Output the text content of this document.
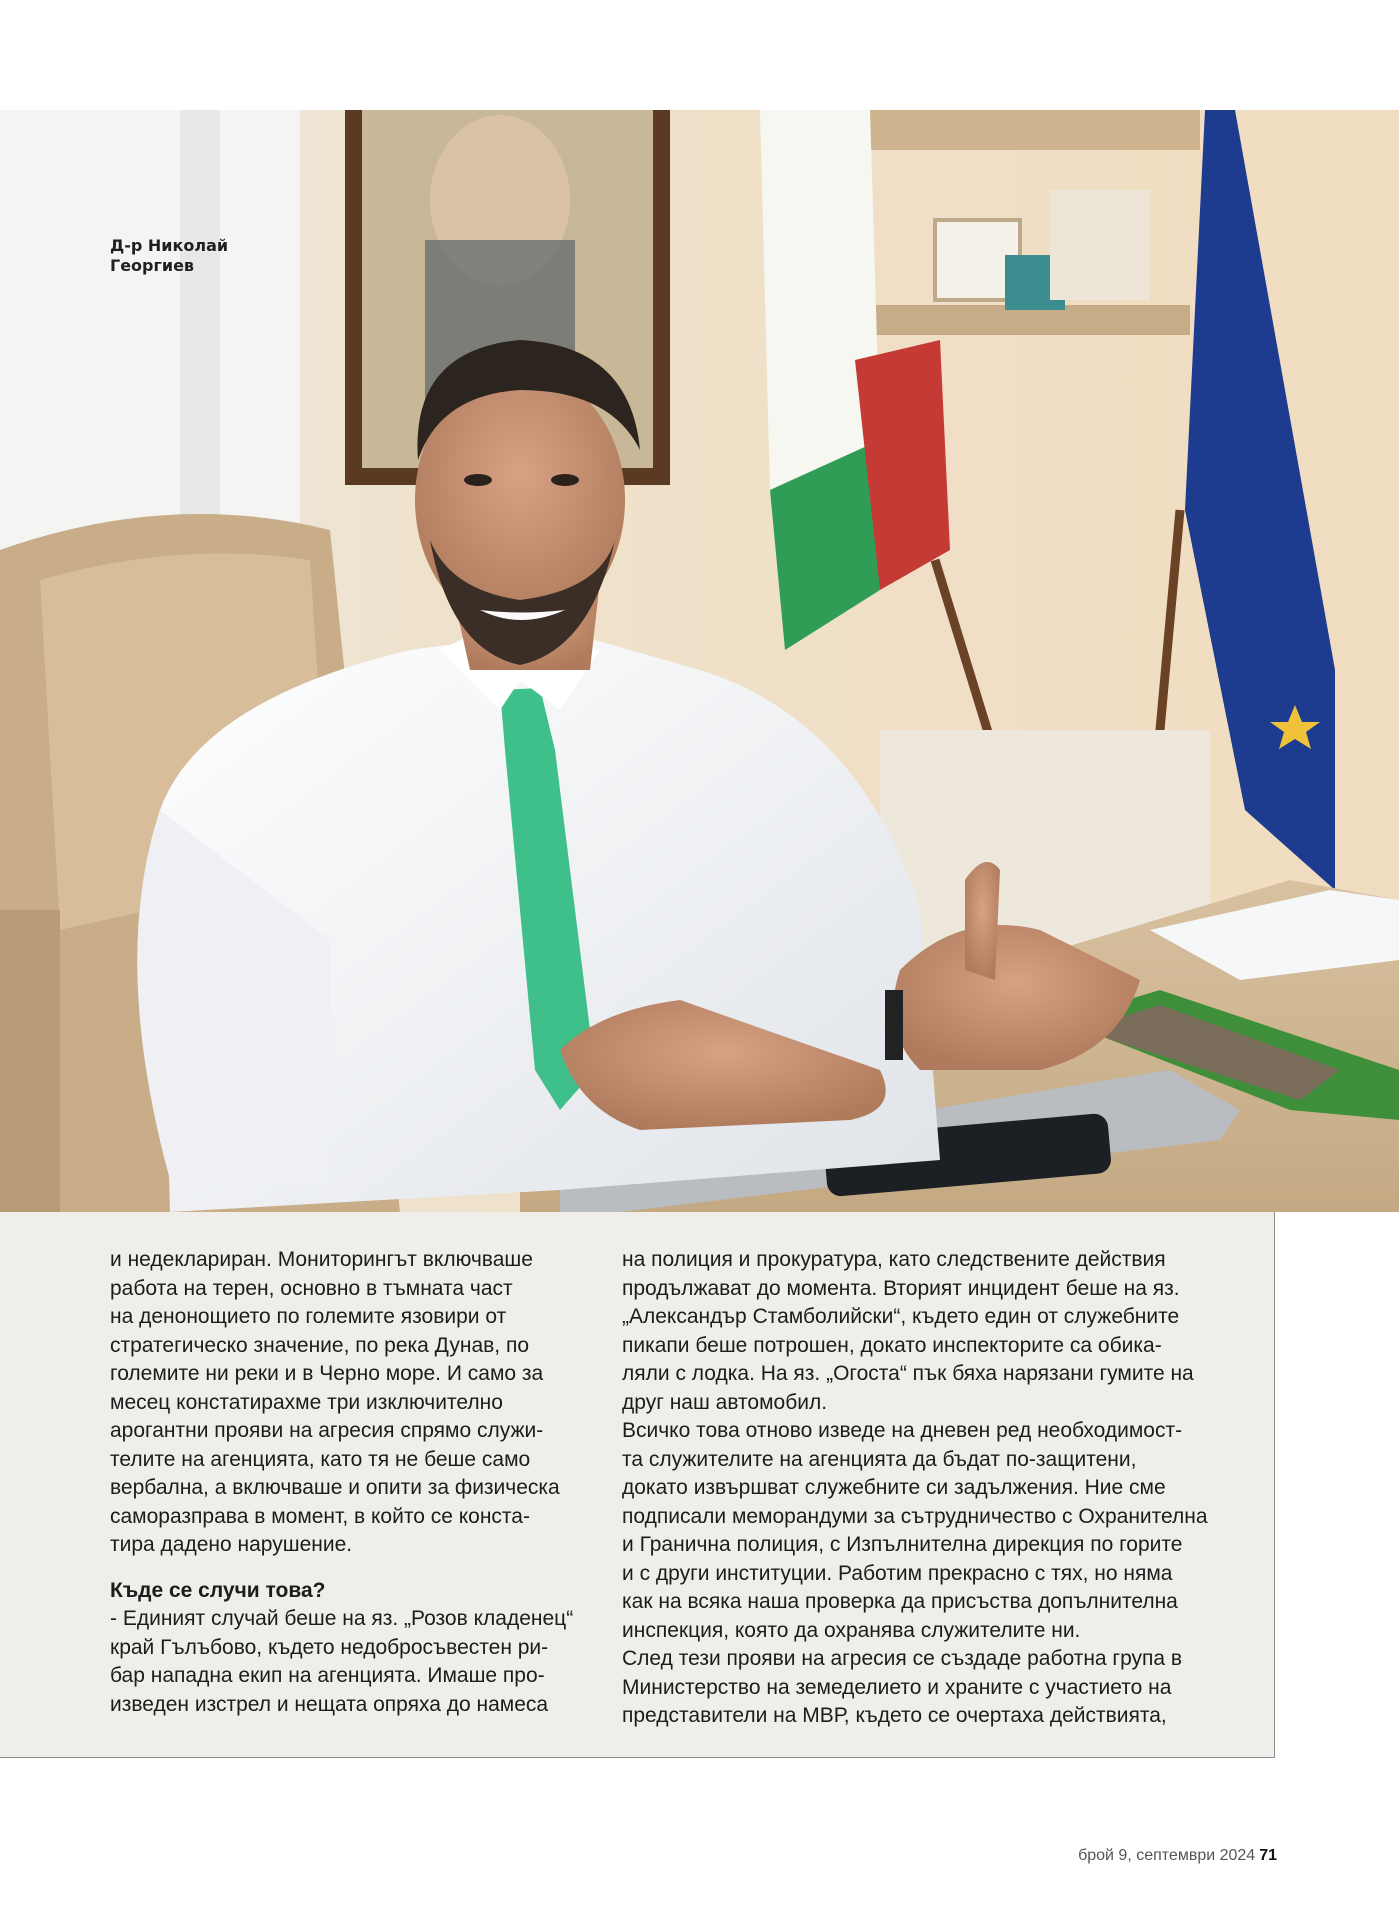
Д-р Николай
Георгиев
и недеклариран. Мониторингът включваше
работа на терен, основно в тъмната част
на денонощието по големите язовири от
стратегическо значение, по река Дунав, по
големите ни реки и в Черно море. И само за
месец констатирахме три изключително
арогантни прояви на агресия спрямо служи-
телите на агенцията, като тя не беше само
вербална, а включваше и опити за физическа
саморазправа в момент, в който се конста-
тира дадено нарушение.
Къде се случи това?
- Единият случай беше на яз. „Розов кладенец“
край Гълъбово, където недобросъвестен ри-
бар нападна екип на агенцията. Имаше про-
изведен изстрел и нещата опряха до намеса
на полиция и прокуратура, като следствените действия
продължават до момента. Вторият инцидент беше на яз.
„Александър Стамболийски“, където един от служебните
пикапи беше потрошен, докато инспекторите са обика-
ляли с лодка. На яз. „Огоста“ пък бяха нарязани гумите на
друг наш автомобил.
Всичко това отново изведе на дневен ред необходимост-
та служителите на агенцията да бъдат по-защитени,
докато извършват служебните си задължения. Ние сме
подписали меморандуми за сътрудничество с Охранителна
и Гранична полиция, с Изпълнителна дирекция по горите
и с други институции. Работим прекрасно с тях, но няма
как на всяка наша проверка да присъства допълнителна
инспекция, която да охранява служителите ни.
След тези прояви на агресия се създаде работна група в
Министерство на земеделието и храните с участието на
представители на МВР, където се очертаха действията,
брой 9, септември 2024 71
